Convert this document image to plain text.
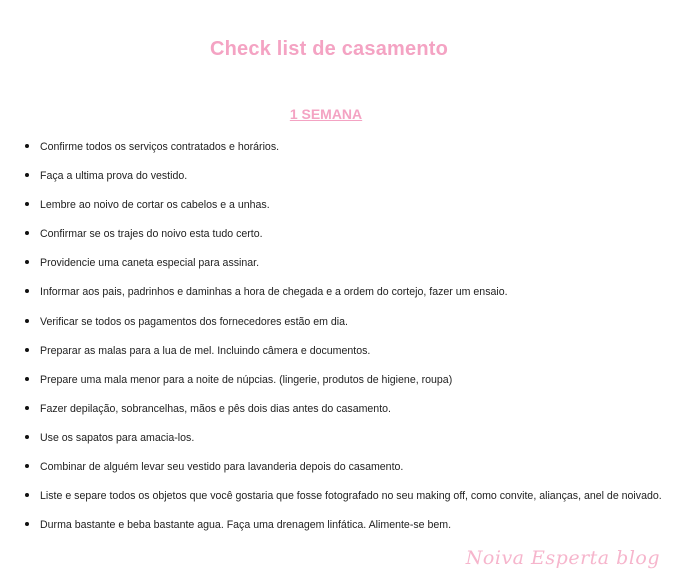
Check list de casamento
1 SEMANA
Confirme todos os serviços contratados e horários.
Faça a ultima prova do vestido.
Lembre ao noivo de cortar os cabelos e a unhas.
Confirmar se os trajes do noivo esta tudo certo.
Providencie uma caneta especial para assinar.
Informar aos pais, padrinhos e daminhas a hora de chegada e a ordem do cortejo, fazer um ensaio.
Verificar se todos os pagamentos dos fornecedores estão em dia.
Preparar as malas para a lua de mel. Incluindo câmera e documentos.
Prepare uma mala menor para a noite de núpcias. (lingerie, produtos de higiene, roupa)
Fazer depilação, sobrancelhas, mãos e pês dois dias antes do casamento.
Use os sapatos para amacia-los.
Combinar de alguém levar seu vestido para lavanderia depois do casamento.
Liste e separe todos os objetos que você gostaria que fosse fotografado no seu making off, como convite, alianças, anel de noivado.
Durma bastante e beba bastante agua. Faça uma drenagem linfática. Alimente-se bem.
Noiva Esperta blog
